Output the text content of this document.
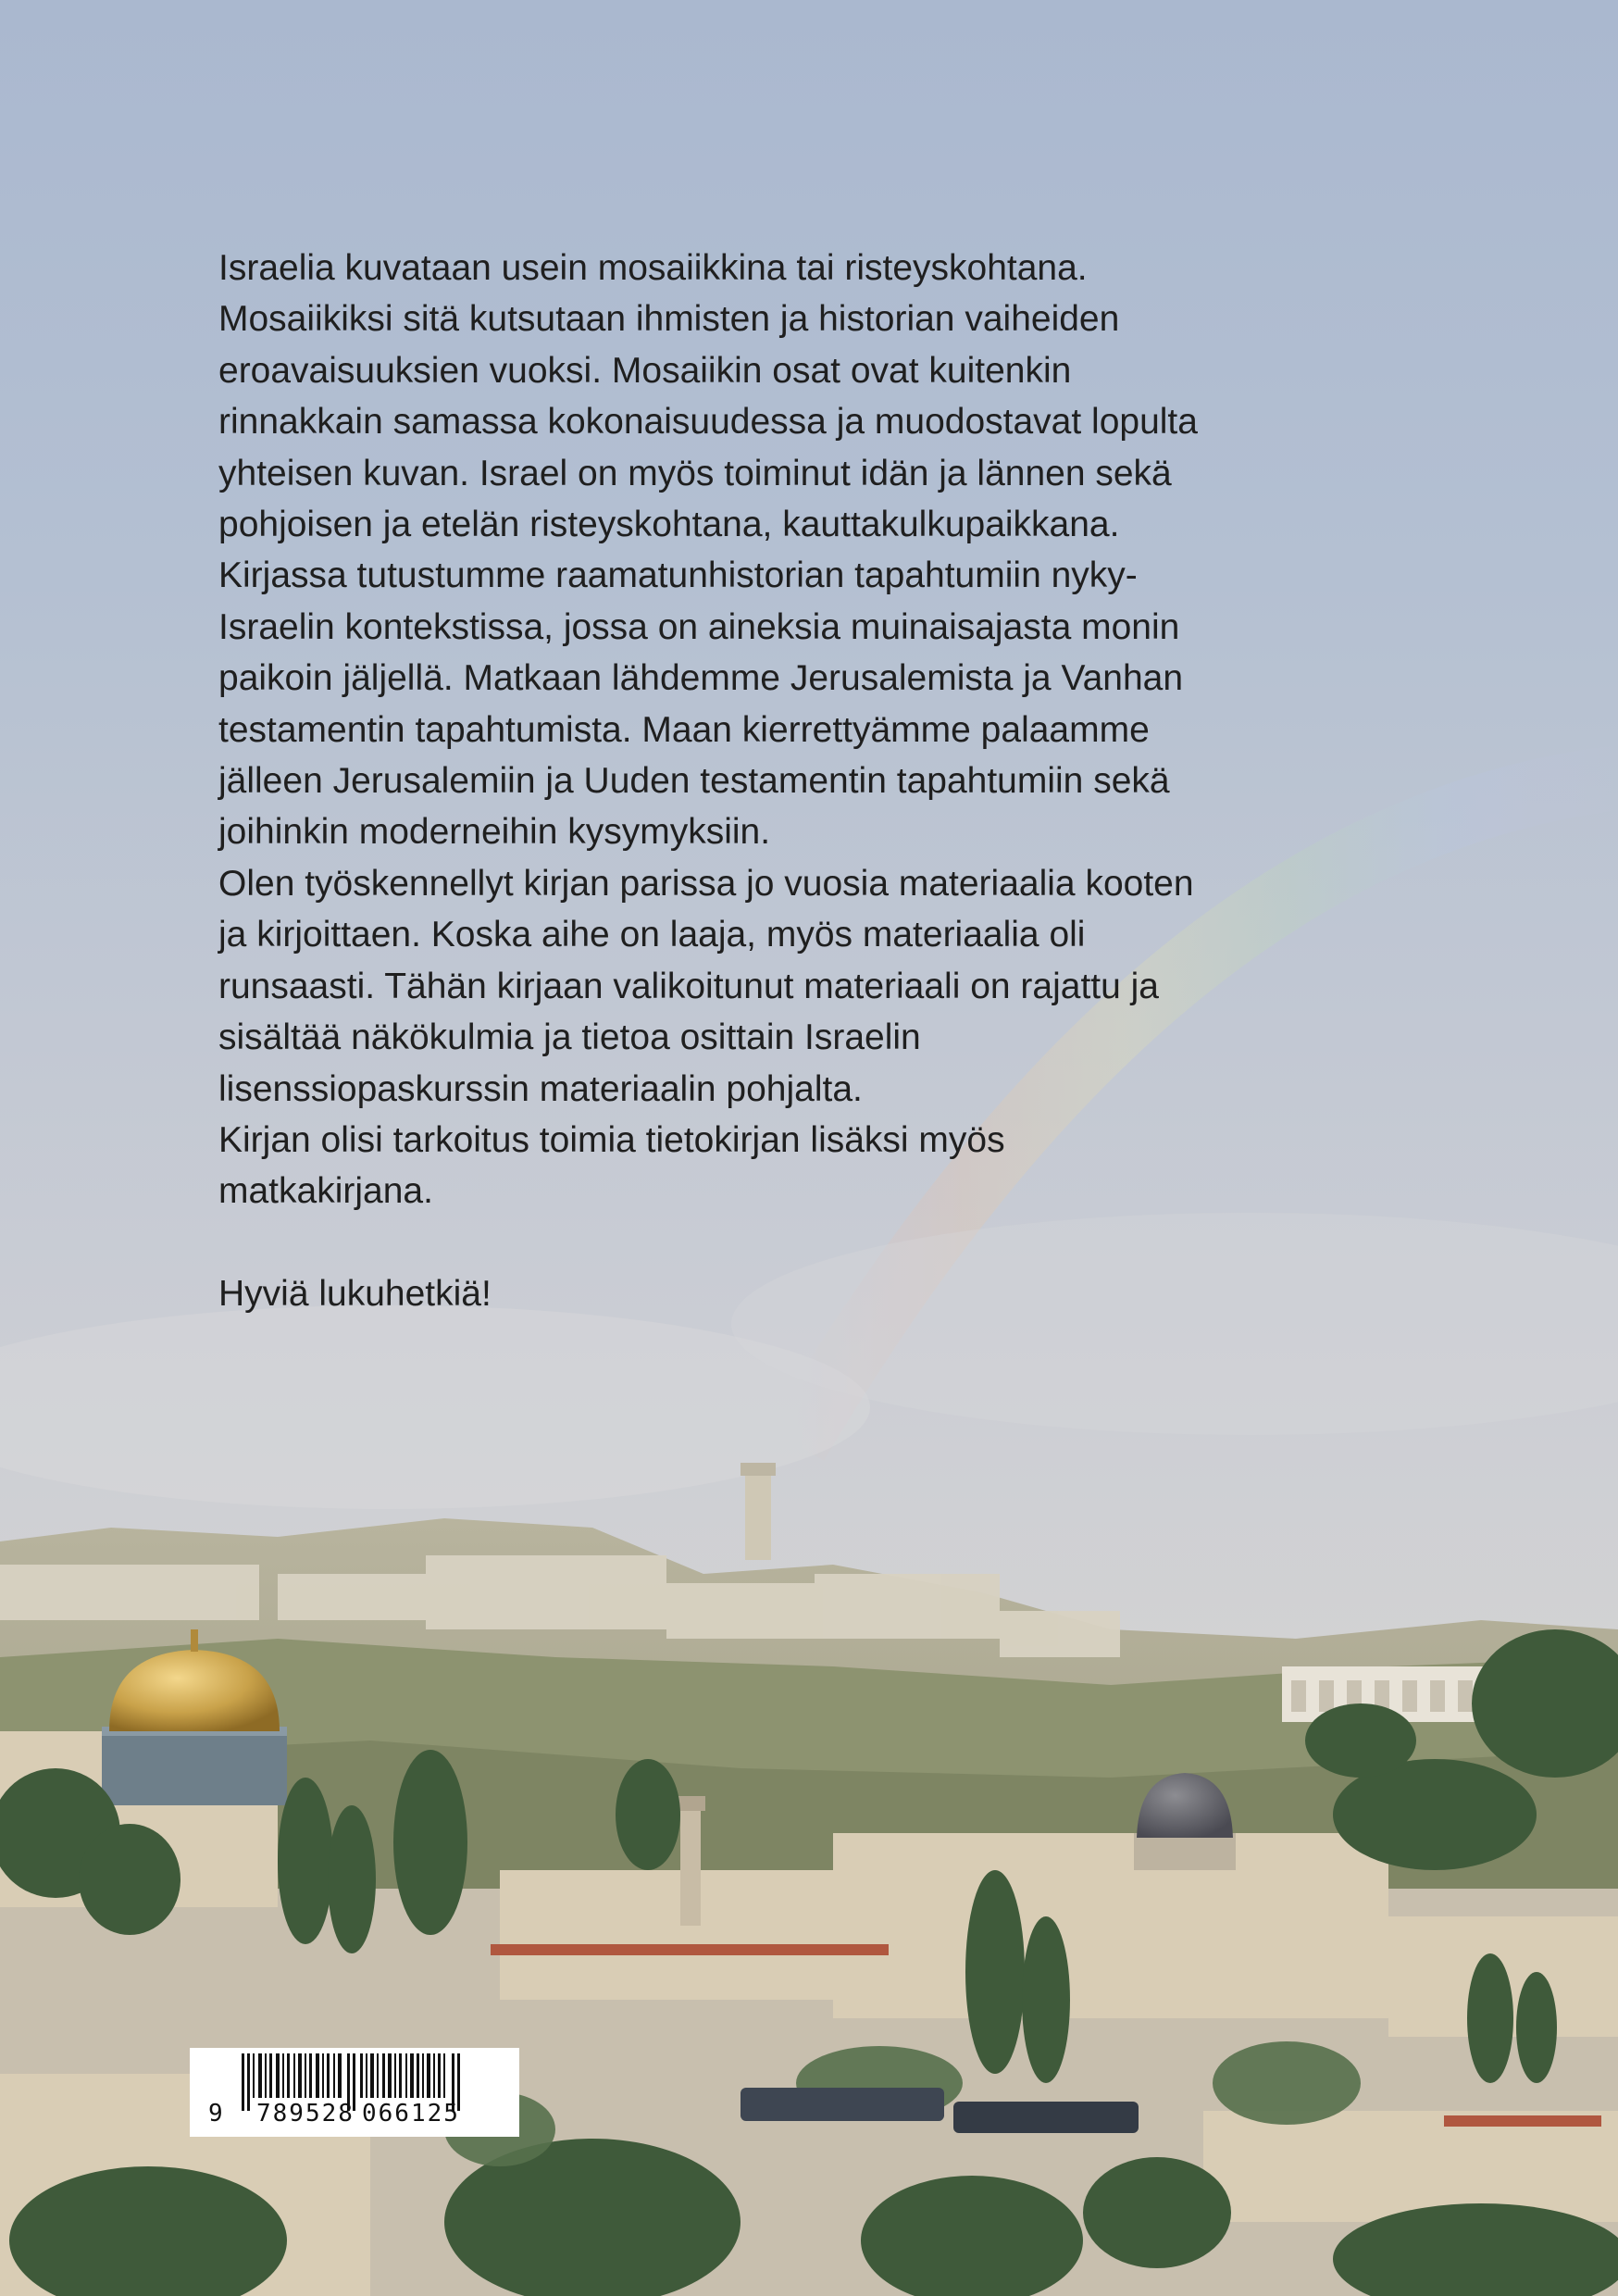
Israelia kuvataan usein mosaiikkina tai risteyskohtana.
Mosaiikiksi sitä kutsutaan ihmisten ja historian vaiheiden
eroavaisuuksien vuoksi. Mosaiikin osat ovat kuitenkin
rinnakkain samassa kokonaisuudessa ja muodostavat lopulta
yhteisen kuvan. Israel on myös toiminut idän ja lännen sekä
pohjoisen ja etelän risteyskohtana, kauttakulkupaikkana.
Kirjassa tutustumme raamatunhistorian tapahtumiin nyky-
Israelin kontekstissa, jossa on aineksia muinaisajasta monin
paikoin jäljellä. Matkaan lähdemme Jerusalemista ja Vanhan
testamentin tapahtumista. Maan kierrettyämme palaamme
jälleen Jerusalemiin ja Uuden testamentin tapahtumiin sekä
joihinkin moderneihin kysymyksiin.
Olen työskennellyt kirjan parissa jo vuosia materiaalia kooten
ja kirjoittaen. Koska aihe on laaja, myös materiaalia oli
runsaasti. Tähän kirjaan valikoitunut materiaali on rajattu ja
sisältää näkökulmia ja tietoa osittain Israelin
lisenssiopaskurssin materiaalin pohjalta.
Kirjan olisi tarkoitus toimia tietokirjan lisäksi myös
matkakirjana.
Hyviä lukuhetkiä!
9 789528 066125
